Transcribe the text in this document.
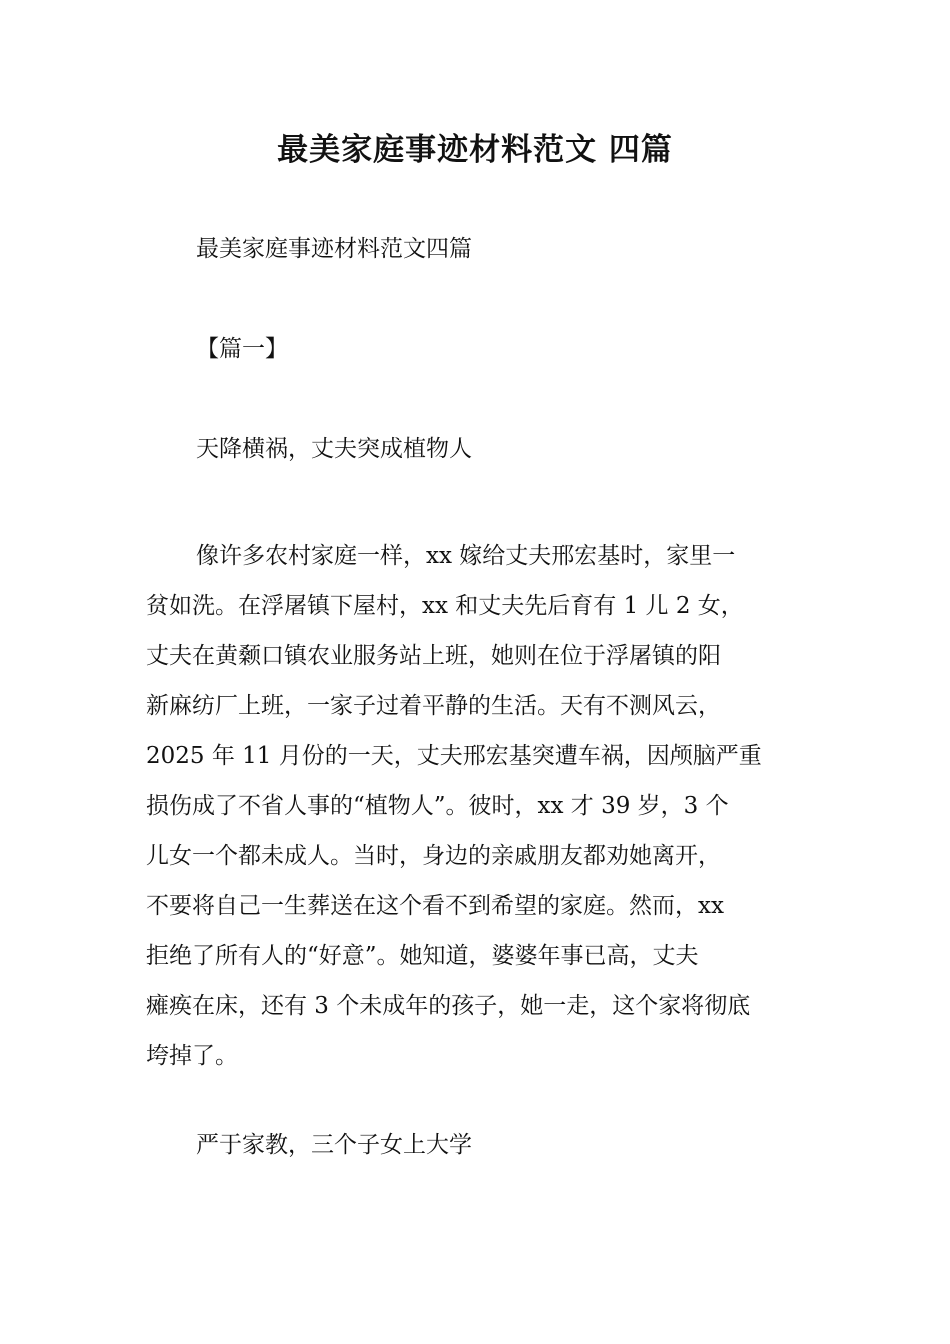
最美家庭事迹材料范文 四篇
最美家庭事迹材料范文四篇
【篇一】
天降横祸，丈夫突成植物人
像许多农村家庭一样，xx 嫁给丈夫邢宏基时，家里一
贫如洗。在浮屠镇下屋村，xx 和丈夫先后育有 1 儿 2 女，
丈夫在黄颡口镇农业服务站上班，她则在位于浮屠镇的阳
新麻纺厂上班，一家子过着平静的生活。天有不测风云，
2025 年 11 月份的一天，丈夫邢宏基突遭车祸，因颅脑严重
损伤成了不省人事的“植物人”。彼时，xx 才 39 岁，3 个
儿女一个都未成人。当时，身边的亲戚朋友都劝她离开，
不要将自己一生葬送在这个看不到希望的家庭。然而，xx
拒绝了所有人的“好意”。她知道，婆婆年事已高，丈夫
瘫痪在床，还有 3 个未成年的孩子，她一走，这个家将彻底
垮掉了。
严于家教，三个子女上大学
